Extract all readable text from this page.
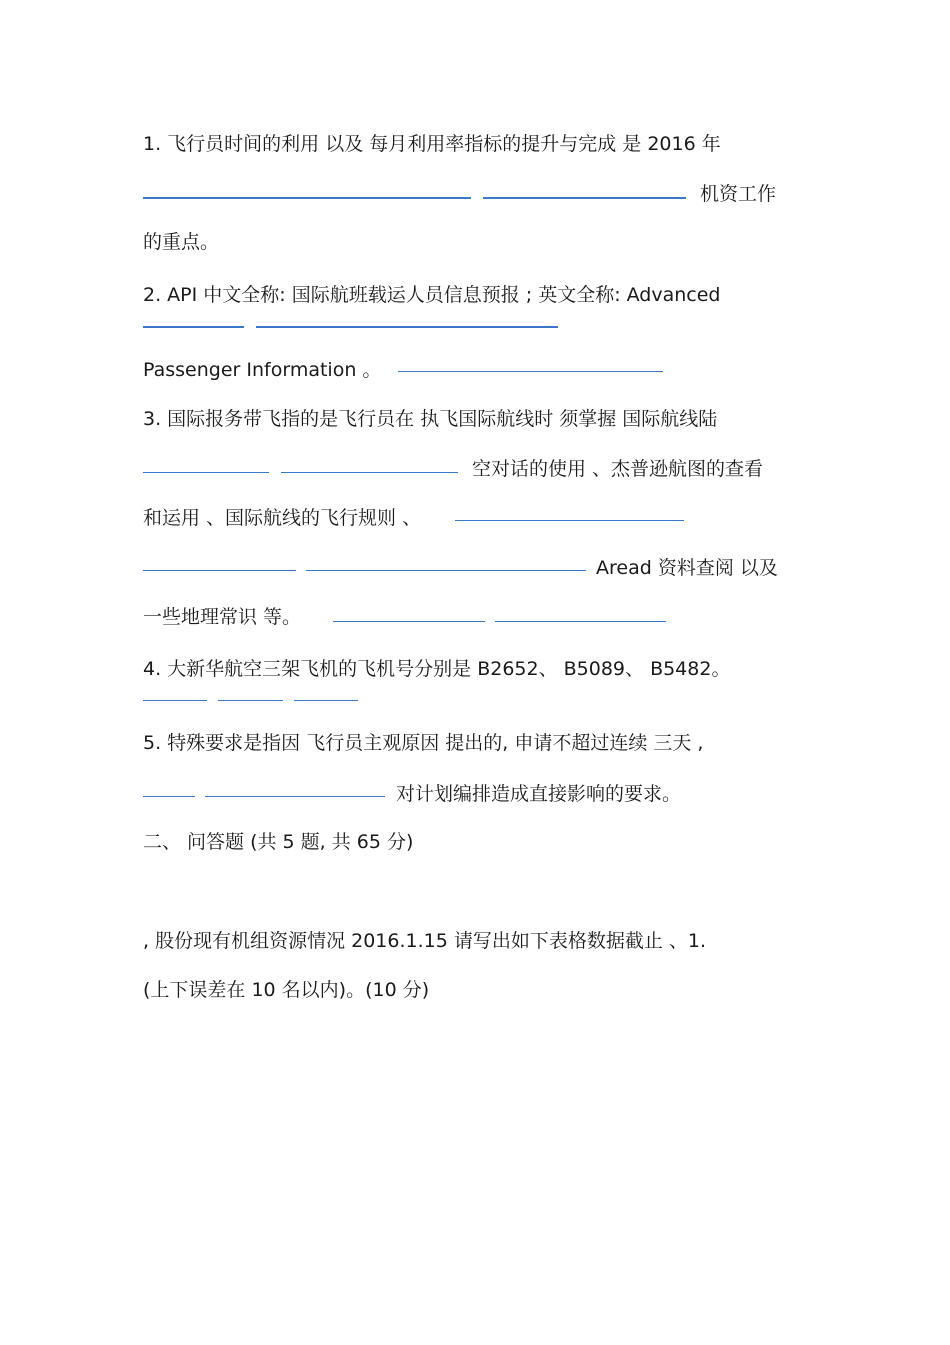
1. 飞行员时间的利用 以及 每月利用率指标的提升与完成 是 2016 年
机资工作
的重点。
2. API 中文全称: 国际航班载运人员信息预报 ; 英文全称: Advanced
Passenger Information 。
3. 国际报务带飞指的是飞行员在 执飞国际航线时 须掌握 国际航线陆
空对话的使用 、杰普逊航图的查看
和运用 、国际航线的飞行规则 、
Aread 资料查阅 以及
一些地理常识 等。
4. 大新华航空三架飞机的飞机号分别是 B2652、 B5089、 B5482。
5. 特殊要求是指因 飞行员主观原因 提出的, 申请不超过连续 三天 ,
对计划编排造成直接影响的要求。
二、 问答题 (共 5 题, 共 65 分)
, 股份现有机组资源情况 2016.1.15 请写出如下表格数据截止 、1.
(上下误差在 10 名以内)。(10 分)
